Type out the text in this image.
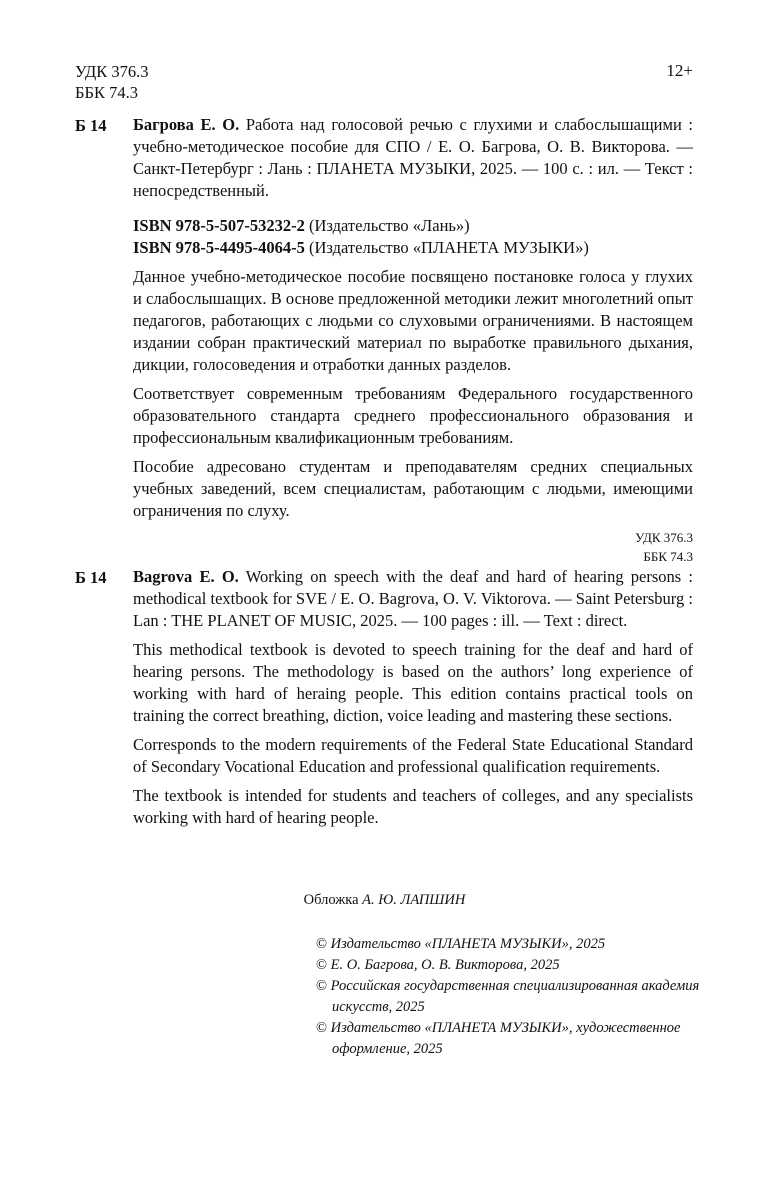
УДК 376.3
ББК 74.3
12+
Б 14 Багрова Е. О. Работа над голосовой речью с глухими и слабослышащими : учебно-методическое пособие для СПО / Е. О. Багрова, О. В. Викторова. — Санкт-Петербург : Лань : ПЛАНЕТА МУЗЫКИ, 2025. — 100 с. : ил. — Текст : непосредственный.

ISBN 978-5-507-53232-2 (Издательство «Лань»)
ISBN 978-5-4495-4064-5 (Издательство «ПЛАНЕТА МУЗЫКИ»)

Данное учебно-методическое пособие посвящено постановке голоса у глухих и слабослышащих. В основе предложенной методики лежит многолетний опыт педагогов, работающих с людьми со слуховыми ограничениями. В настоящем издании собран практический материал по выработке правильного дыхания, дикции, голосоведения и отработки данных разделов.

Соответствует современным требованиям Федерального государственного образовательного стандарта среднего профессионального образования и профессиональным квалификационным требованиям.

Пособие адресовано студентам и преподавателям средних специальных учебных заведений, всем специалистам, работающим с людьми, имеющими ограничения по слуху.

УДК 376.3
ББК 74.3
Б 14 Bagrova E. O. Working on speech with the deaf and hard of hearing persons : methodical textbook for SVE / E. O. Bagrova, O. V. Viktorova. — Saint Petersburg : Lan : THE PLANET OF MUSIC, 2025. — 100 pages : ill. — Text : direct.

This methodical textbook is devoted to speech training for the deaf and hard of hearing persons. The methodology is based on the authors’ long experience of working with hard of heraing people. This edition contains practical tools on training the correct breathing, diction, voice leading and mastering these sections.

Corresponds to the modern requirements of the Federal State Educational Standard of Secondary Vocational Education and professional qualification requirements.

The textbook is intended for students and teachers of colleges, and any specialists working with hard of hearing people.

Обложка А. Ю. ЛАПШИН
© Издательство «ПЛАНЕТА МУЗЫКИ», 2025
© Е. О. Багрова, О. В. Викторова, 2025
© Российская государственная специализированная академия искусств, 2025
© Издательство «ПЛАНЕТА МУЗЫКИ», художественное оформление, 2025
